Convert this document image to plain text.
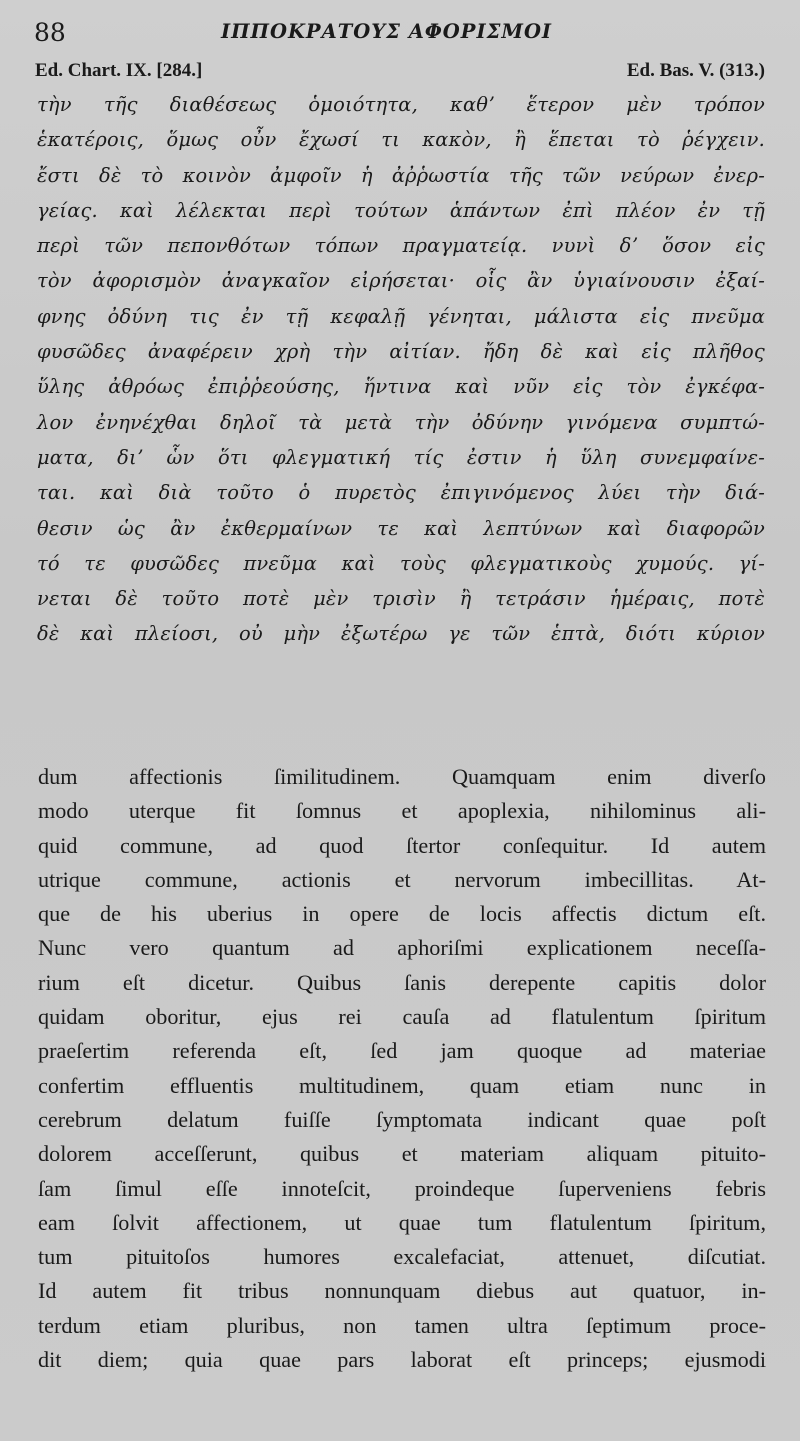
88	ΙΠΠΟΚΡΑΤΟΥΣ ΑΦΟΡΙΣΜΟΙ
Ed. Chart. IX. [284.]	Ed. Bas. V. (313.)
τὴν τῆς διαθέσεως ὁμοιότητα, καθʼ ἕτερον μὲν τρόπον
ἑκατέροις, ὅμως οὖν ἔχωσί τι κακὸν, ἢ ἕπεται τὸ ῥέγχειν.
ἔστι δὲ τὸ κοινὸν ἀμφοῖν ἡ ἀῤῥωστία τῆς τῶν νεύρων ἐνερ-
γείας. καὶ λέλεκται περὶ τούτων ἁπάντων ἐπὶ πλέον ἐν τῇ
περὶ τῶν πεπονθότων τόπων πραγματείᾳ. νυνὶ δʼ ὅσον εἰς
τὸν ἀφορισμὸν ἀναγκαῖον εἰρήσεται· οἷς ἂν ὑγιαίνουσιν ἐξαί-
φνης ὀδύνη τις ἐν τῇ κεφαλῇ γένηται, μάλιστα εἰς πνεῦμα
φυσῶδες ἀναφέρειν χρὴ τὴν αἰτίαν. ἤδη δὲ καὶ εἰς πλῆθος
ὕλης ἀθρόως ἐπιῤῥεούσης, ἥντινα καὶ νῦν εἰς τὸν ἐγκέφα-
λον ἐνηνέχθαι δηλοῖ τὰ μετὰ τὴν ὀδύνην γινόμενα συμπτώ-
ματα, διʼ ὧν ὅτι φλεγματική τίς ἐστιν ἡ ὕλη συνεμφαίνε-
ται. καὶ διὰ τοῦτο ὁ πυρετὸς ἐπιγινόμενος λύει τὴν διά-
θεσιν ὡς ἂν ἐκθερμαίνων τε καὶ λεπτύνων καὶ διαφορῶν
τό τε φυσῶδες πνεῦμα καὶ τοὺς φλεγματικοὺς χυμούς. γί-
νεται δὲ τοῦτο ποτὲ μὲν τρισὶν ἢ τετράσιν ἡμέραις, ποτὲ
δὲ καὶ πλείοσι, οὐ μὴν ἐξωτέρω γε τῶν ἑπτὰ, διότι κύριον
dum affectionis ſimilitudinem. Quamquam enim diverſo
modo uterque fit ſomnus et apoplexia, nihilominus ali-
quid commune, ad quod ſtertor conſequitur. Id autem
utrique commune, actionis et nervorum imbecillitas. At-
que de his uberius in opere de locis affectis dictum eſt.
Nunc vero quantum ad aphoriſmi explicationem neceſſa-
rium eſt dicetur. Quibus ſanis derepente capitis dolor
quidam oboritur, ejus rei cauſa ad flatulentum ſpiritum
praeſertim referenda eſt, ſed jam quoque ad materiae
confertim effluentis multitudinem, quam etiam nunc in
cerebrum delatum fuiſſe ſymptomata indicant quae poſt
dolorem acceſſerunt, quibus et materiam aliquam pituito-
ſam ſimul eſſe innoteſcit, proindeque ſuperveniens febris
eam ſolvit affectionem, ut quae tum flatulentum ſpiritum,
tum pituitoſos humores excalefaciat, attenuet, diſcutiat.
Id autem fit tribus nonnunquam diebus aut quatuor, in-
terdum etiam pluribus, non tamen ultra ſeptimum proce-
dit diem; quia quae pars laborat eſt princeps; ejusmodi
